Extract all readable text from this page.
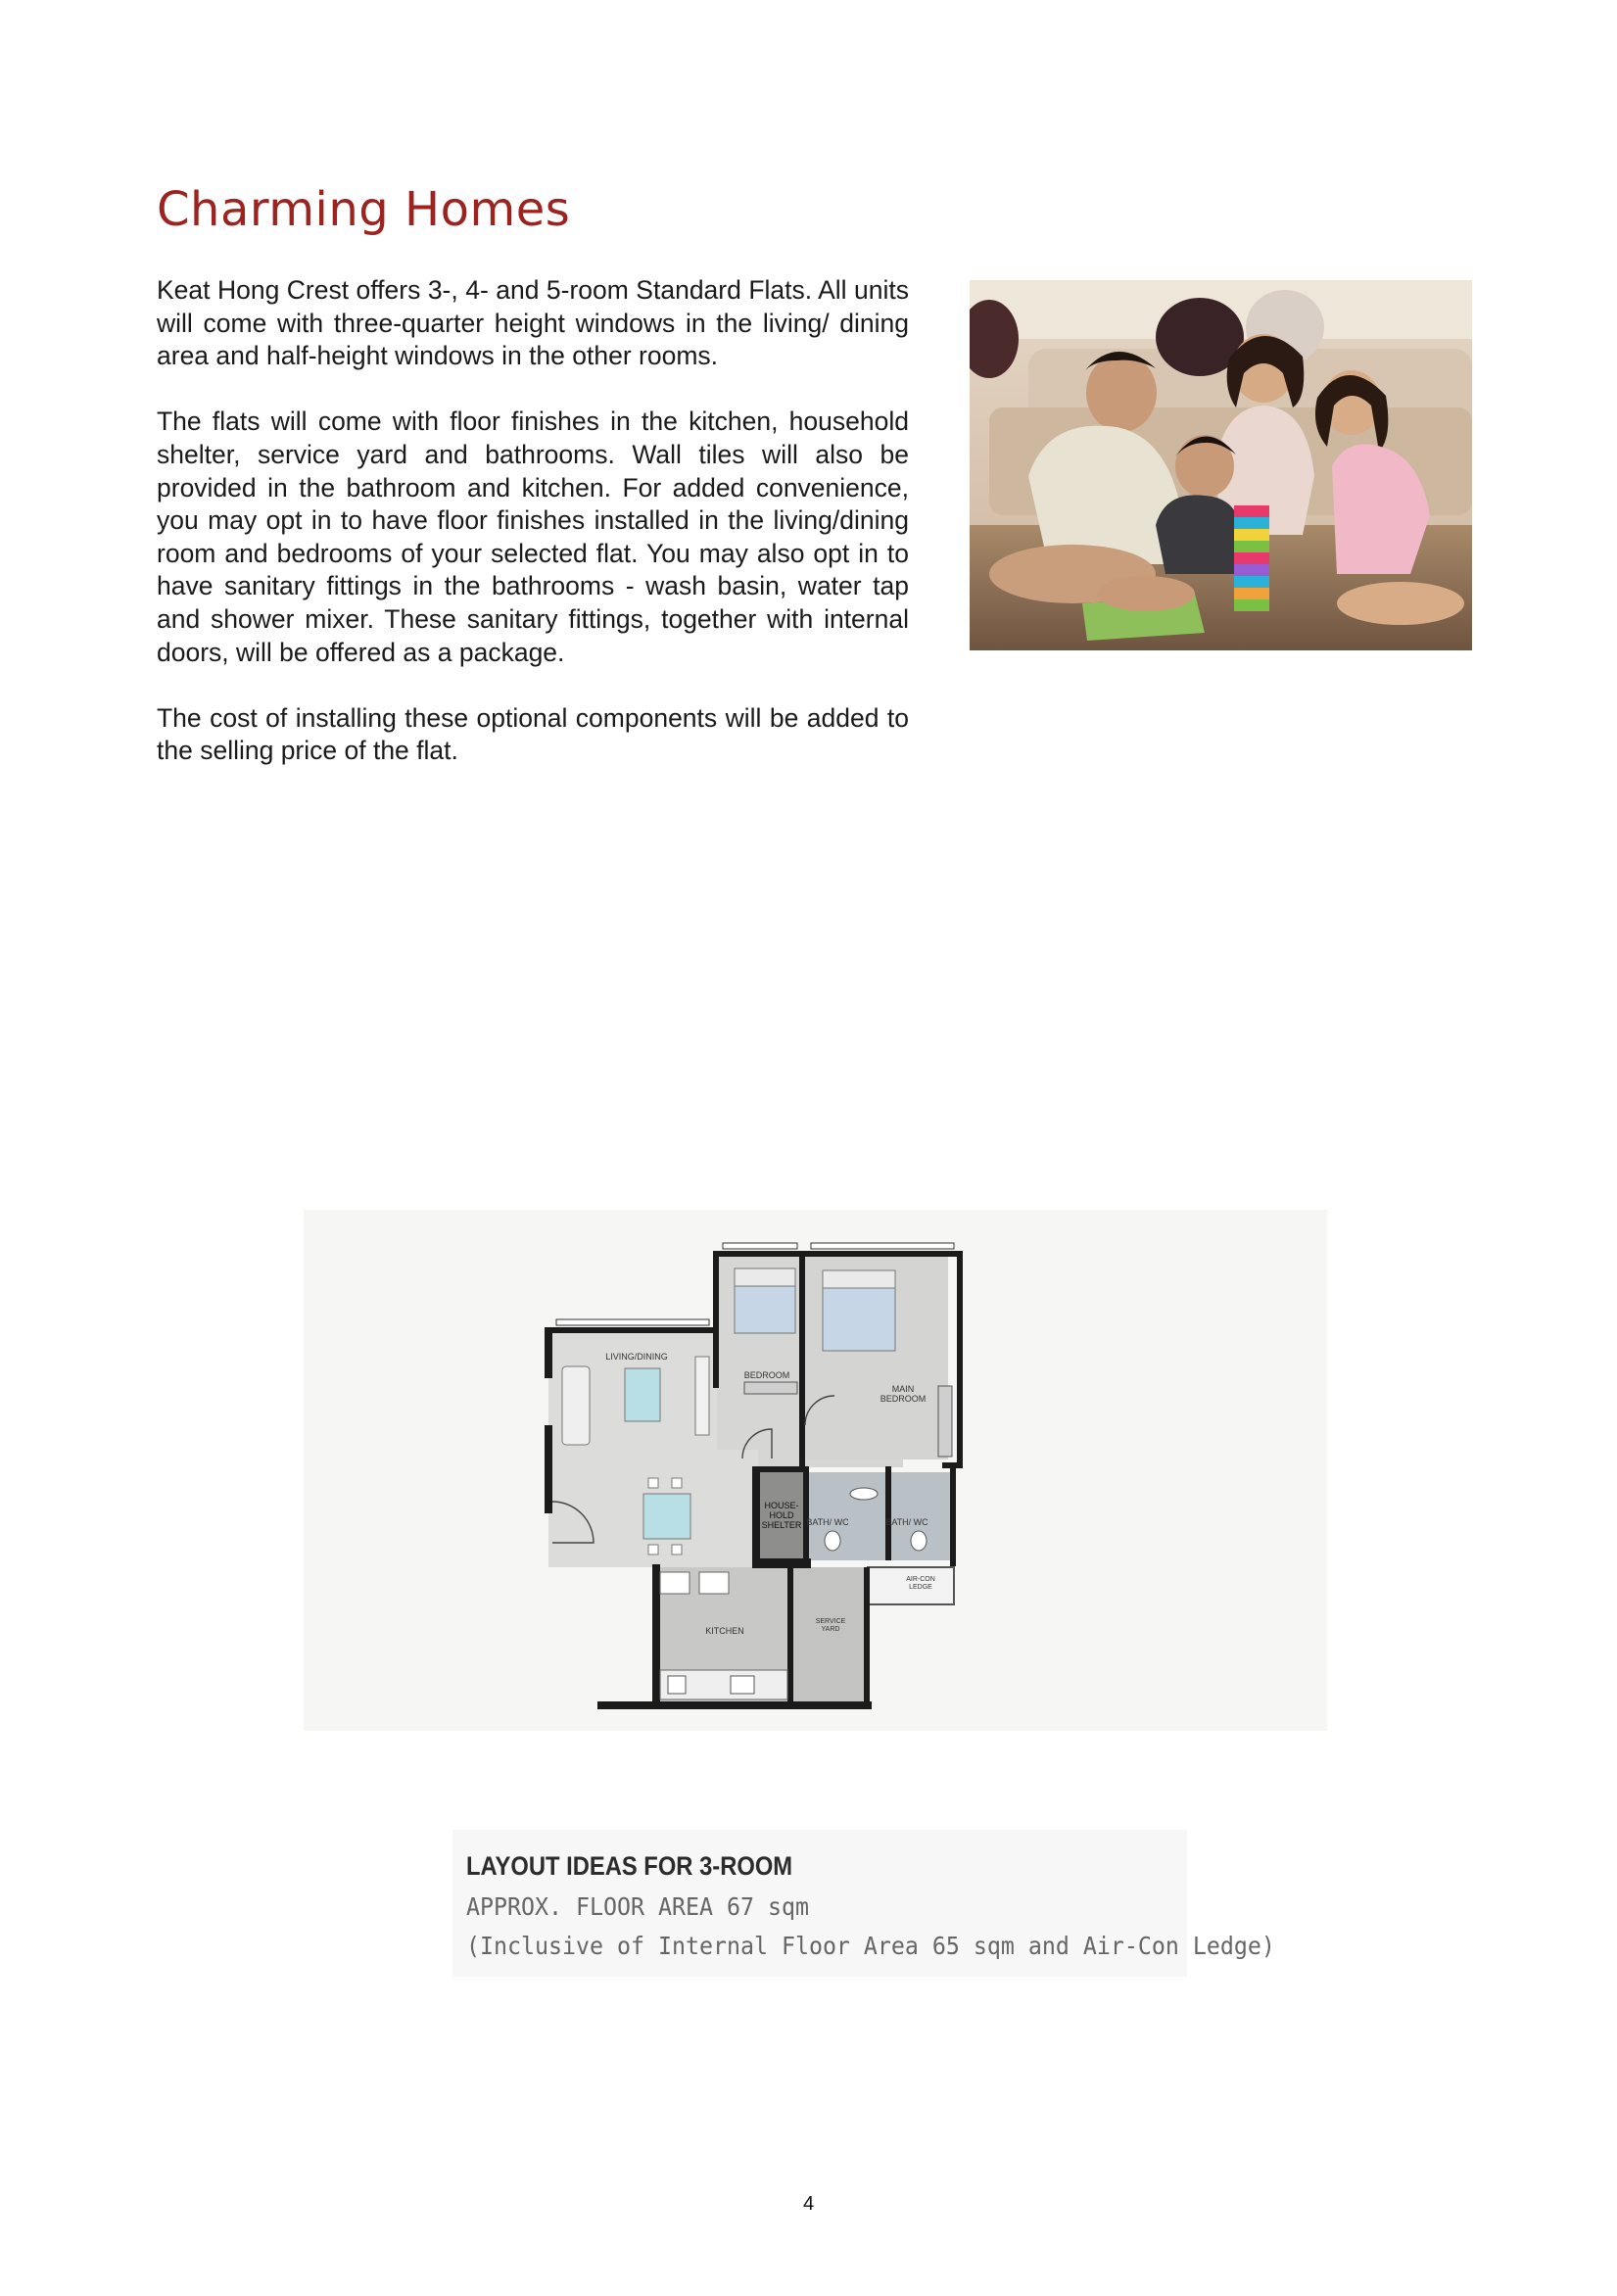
Charming Homes

Keat Hong Crest offers 3-, 4- and 5-room Standard Flats. All units will come with three-quarter height windows in the living/ dining area and half-height windows in the other rooms.

The flats will come with floor finishes in the kitchen, household shelter, service yard and bathrooms. Wall tiles will also be provided in the bathroom and kitchen. For added convenience, you may opt in to have floor finishes installed in the living/dining room and bedrooms of your selected flat. You may also opt in to have sanitary fittings in the bathrooms - wash basin, water tap and shower mixer. These sanitary fittings, together with internal doors, will be offered as a package.

The cost of installing these optional components will be added to the selling price of the flat.

LIVING/DINING
BEDROOM
MAIN
BEDROOM
HOUSE-
HOLD
SHELTER BATH/ WC	BATH/ WC
AIR-CON
LEDGE
KITCHEN
SERVICE
YARD
LAYOUT IDEAS FOR 3-ROOM
APPROX. FLOOR AREA 67 sqm
(Inclusive of Internal Floor Area 65 sqm and Air-Con Ledge)
4
